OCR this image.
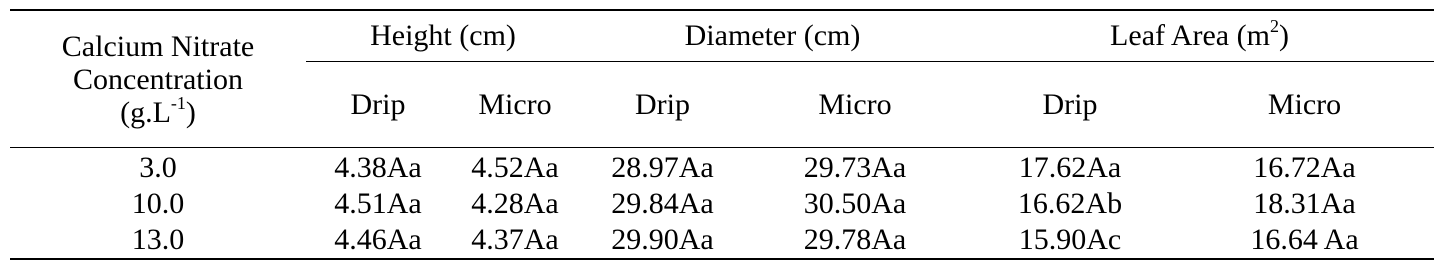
Calcium Nitrate
Concentration
$(g.L^{-1})$	Height (cm)		Diameter (cm)		Leaf Area $(m^2)$	
	Drip	Micro	Drip	Micro	Drip	Micro
3.0	4.38Aa	4.52Aa	28.97Aa	29.73Aa	17.62Aa	16.72Aa
10.0	4.51Aa	4.28Aa	29.84Aa	30.50Aa	16.62Ab	18.31Aa
13.0	4.46Aa	4.37Aa	29.90Aa	29.78Aa	15.90Ac	16.64 Aa
